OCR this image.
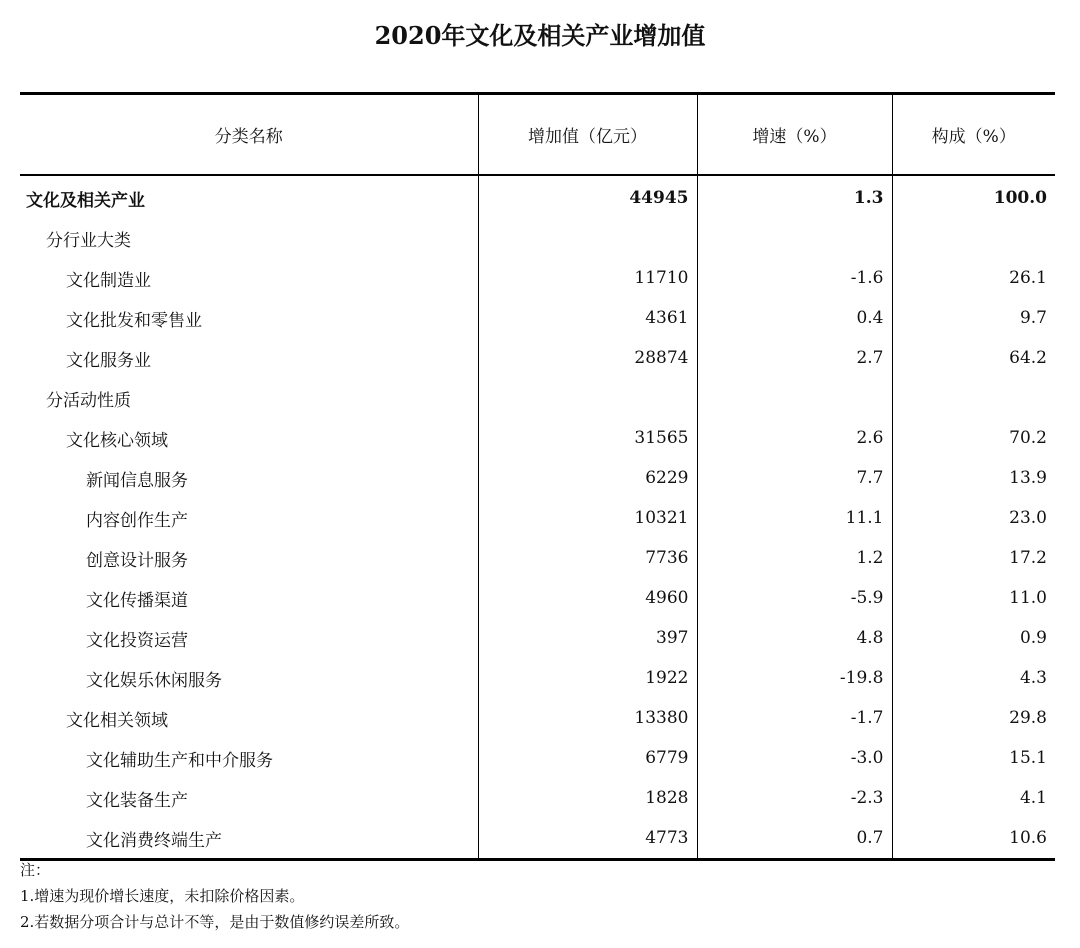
2020年文化及相关产业增加值
分类名称	增加值（亿元）	增速（%）	构成（%）
文化及相关产业	44945	1.3	100.0
分行业大类			
文化制造业	11710	-1.6	26.1
文化批发和零售业	4361	0.4	9.7
文化服务业	28874	2.7	64.2
分活动性质			
文化核心领域	31565	2.6	70.2
新闻信息服务	6229	7.7	13.9
内容创作生产	10321	11.1	23.0
创意设计服务	7736	1.2	17.2
文化传播渠道	4960	-5.9	11.0
文化投资运营	397	4.8	0.9
文化娱乐休闲服务	1922	-19.8	4.3
文化相关领域	13380	-1.7	29.8
文化辅助生产和中介服务	6779	-3.0	15.1
文化装备生产	1828	-2.3	4.1
文化消费终端生产	4773	0.7	10.6
注：
1.增速为现价增长速度，未扣除价格因素。
2.若数据分项合计与总计不等，是由于数值修约误差所致。
